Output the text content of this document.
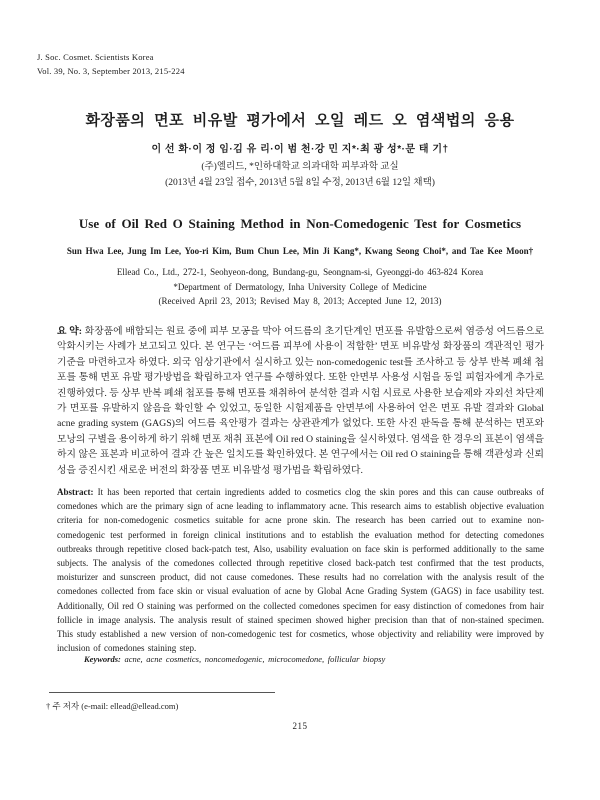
J. Soc. Cosmet. Scientists Korea
Vol. 39, No. 3, September 2013, 215-224
화장품의 면포 비유발 평가에서 오일 레드 오 염색법의 응용
이 선 화·이 정 임·김 유 리·이 범 천·강 민 지*·최 광 성*·문 태 기†
(주)엘리드, *인하대학교 의과대학 피부과학 교실
(2013년 4월 23일 접수, 2013년 5월 8일 수정, 2013년 6월 12일 채택)
Use of Oil Red O Staining Method in Non-Comedogenic Test for Cosmetics
Sun Hwa Lee, Jung Im Lee, Yoo-ri Kim, Bum Chun Lee, Min Ji Kang*, Kwang Seong Choi*, and Tae Kee Moon†
Ellead Co., Ltd., 272-1, Seohyeon-dong, Bundang-gu, Seongnam-si, Gyeonggi-do 463-824 Korea
*Department of Dermatology, Inha University College of Medicine
(Received April 23, 2013; Revised May 8, 2013; Accepted June 12, 2013)
요 약: 화장품에 배합되는 원료 중에 피부 모공을 막아 여드름의 초기단계인 면포를 유발함으로써 염증성 여드름으로 악화시키는 사례가 보고되고 있다. 본 연구는 ‘여드름 피부에 사용이 적합한’ 면포 비유발성 화장품의 객관적인 평가 기준을 마련하고자 하였다. 외국 임상기관에서 실시하고 있는 non-comedogenic test를 조사하고 등 상부 반복 폐쇄 첩포를 통해 면포 유발 평가방법을 확립하고자 연구를 수행하였다. 또한 안면부 사용성 시험을 동일 피험자에게 추가로 진행하였다. 등 상부 반복 폐쇄 첩포를 통해 면포를 채취하여 분석한 결과 시험 시료로 사용한 보습제와 자외선 차단제가 면포를 유발하지 않음을 확인할 수 있었고, 동일한 시험제품을 안면부에 사용하여 얻은 면포 유발 결과와 Global acne grading system (GAGS)의 여드름 육안평가 결과는 상관관계가 없었다. 또한 사진 판독을 통해 분석하는 면포와 모낭의 구별을 용이하게 하기 위해 면포 채취 표본에 Oil red O staining을 실시하였다. 염색을 한 경우의 표본이 염색을 하지 않은 표본과 비교하여 결과 간 높은 일치도를 확인하였다. 본 연구에서는 Oil red O staining을 통해 객관성과 신뢰성을 증진시킨 새로운 버전의 화장품 면포 비유발성 평가법을 확립하였다.
Abstract: It has been reported that certain ingredients added to cosmetics clog the skin pores and this can cause outbreaks of comedones which are the primary sign of acne leading to inflammatory acne. This research aims to establish objective evaluation criteria for non-comedogenic cosmetics suitable for acne prone skin. The research has been carried out to examine non-comedogenic test performed in foreign clinical institutions and to establish the evaluation method for detecting comedones outbreaks through repetitive closed back-patch test, Also, usability evaluation on face skin is performed additionally to the same subjects. The analysis of the comedones collected through repetitive closed back-patch test confirmed that the test products, moisturizer and sunscreen product, did not cause comedones. These results had no correlation with the analysis result of the comedones collected from face skin or visual evaluation of acne by Global Acne Grading System (GAGS) in face usability test. Additionally, Oil red O staining was performed on the collected comedones specimen for easy distinction of comedones from hair follicle in image analysis. The analysis result of stained specimen showed higher precision than that of non-stained specimen. This study established a new version of non-comedogenic test for cosmetics, whose objectivity and reliability were improved by inclusion of comedones staining step.
Keywords: acne, acne cosmetics, noncomedogenic, microcomedone, follicular biopsy
† 주 저자 (e-mail: ellead@ellead.com)
215
